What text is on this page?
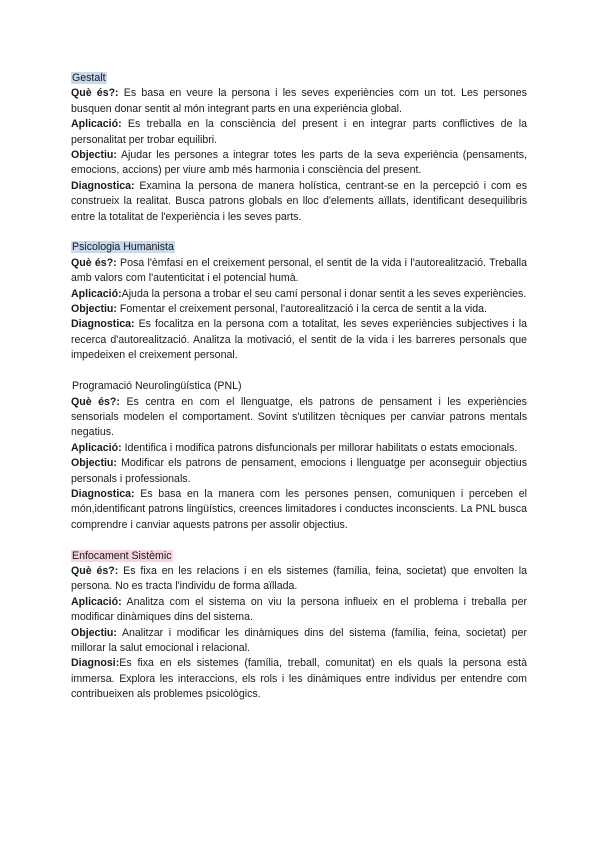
Gestalt

Què és?: Es basa en veure la persona i les seves experiències com un tot. Les persones busquen donar sentit al món integrant parts en una experiència global.

Aplicació: Es treballa en la consciència del present i en integrar parts conflictives de la personalitat per trobar equilibri.

Objectiu: Ajudar les persones a integrar totes les parts de la seva experiència (pensaments, emocions, accions) per viure amb més harmonia i consciència del present.

Diagnostica: Examina la persona de manera holística, centrant-se en la percepció i com es construeix la realitat. Busca patrons globals en lloc d'elements aïllats, identificant desequilibris entre la totalitat de l'experiència i les seves parts.

Psicologia Humanista

Què és?: Posa l'èmfasi en el creixement personal, el sentit de la vida i l'autorealització. Treballa amb valors com l'autenticitat i el potencial humà.

Aplicació:Ajuda la persona a trobar el seu camí personal i donar sentit a les seves experiències.

Objectiu: Fomentar el creixement personal, l'autorealització i la cerca de sentit a la vida.

Diagnostica: Es focalitza en la persona com a totalitat, les seves experiències subjectives i la recerca d'autorealització. Analitza la motivació, el sentit de la vida i les barreres personals que impedeixen el creixement personal.

Programació Neurolingüística (PNL)

Què és?: Es centra en com el llenguatge, els patrons de pensament i les experiències sensorials modelen el comportament. Sovint s'utilitzen tècniques per canviar patrons mentals negatius.

Aplicació: Identifica i modifica patrons disfuncionals per millorar habilitats o estats emocionals.

Objectiu: Modificar els patrons de pensament, emocions i llenguatge per aconseguir objectius personals i professionals.

Diagnostica: Es basa en la manera com les persones pensen, comuniquen i perceben el món,identificant patrons lingüístics, creences limitadores i conductes inconscients. La PNL busca comprendre i canviar aquests patrons per assolir objectius.

Enfocament Sistèmic

Què és?: Es fixa en les relacions i en els sistemes (família, feina, societat) que envolten la persona. No es tracta l'individu de forma aïllada.

Aplicació: Analitza com el sistema on viu la persona influeix en el problema i treballa per modificar dinàmiques dins del sistema.

Objectiu: Analitzar i modificar les dinàmiques dins del sistema (família, feina, societat) per millorar la salut emocional i relacional.

Diagnosi:Es fixa en els sistemes (família, treball, comunitat) en els quals la persona està immersa. Explora les interaccions, els rols i les dinàmiques entre individus per entendre com contribueixen als problemes psicològics.
